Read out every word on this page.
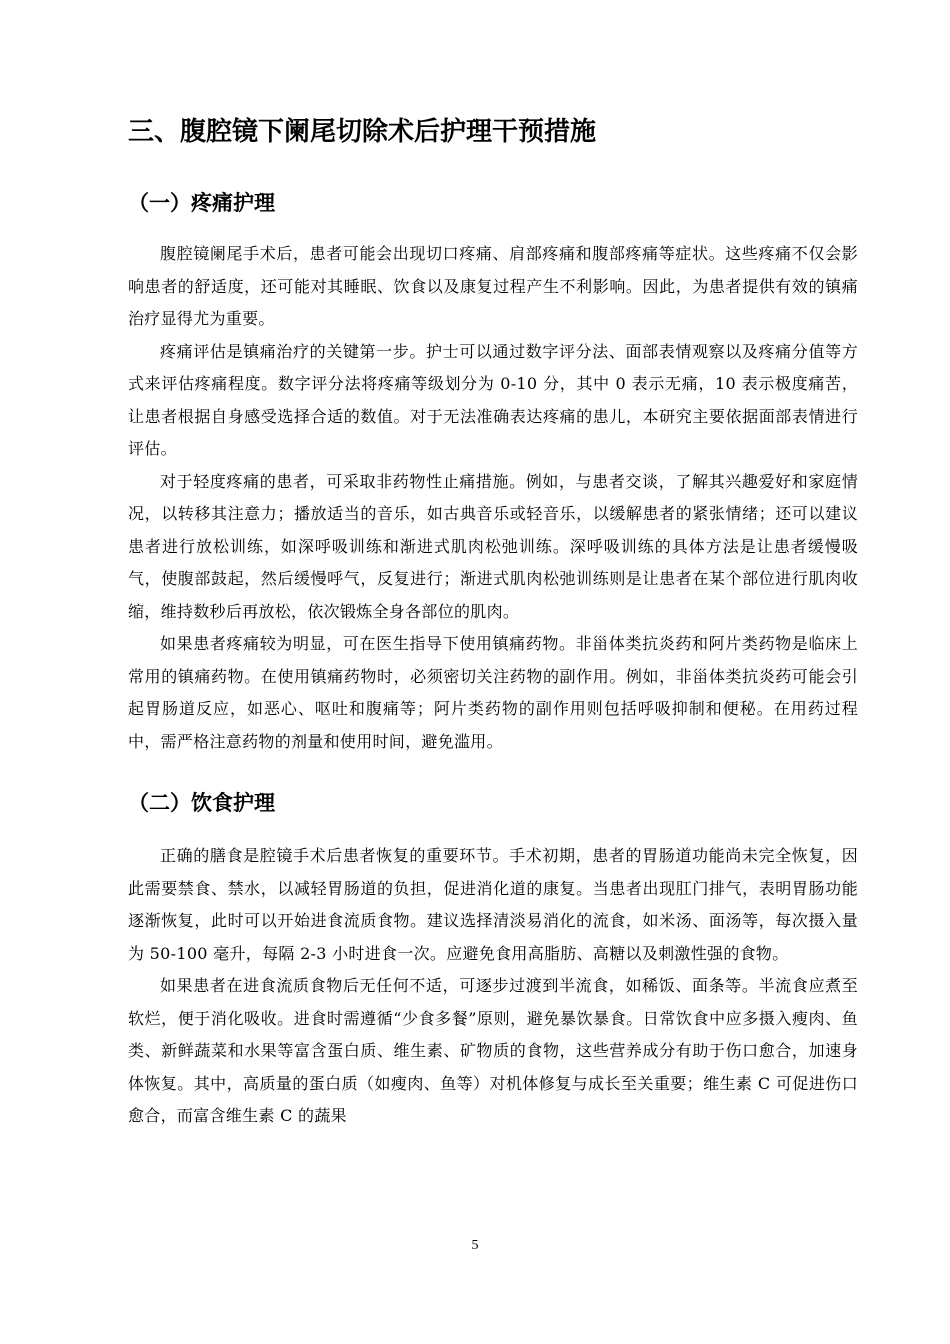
三、腹腔镜下阑尾切除术后护理干预措施
（一）疼痛护理

腹腔镜阑尾手术后，患者可能会出现切口疼痛、肩部疼痛和腹部疼痛等症状。这些疼痛不仅会影响患者的舒适度，还可能对其睡眠、饮食以及康复过程产生不利影响。因此，为患者提供有效的镇痛治疗显得尤为重要。

疼痛评估是镇痛治疗的关键第一步。护士可以通过数字评分法、面部表情观察以及疼痛分值等方式来评估疼痛程度。数字评分法将疼痛等级划分为 0-10 分，其中 0 表示无痛，10 表示极度痛苦，让患者根据自身感受选择合适的数值。对于无法准确表达疼痛的患儿，本研究主要依据面部表情进行评估。

对于轻度疼痛的患者，可采取非药物性止痛措施。例如，与患者交谈，了解其兴趣爱好和家庭情况，以转移其注意力；播放适当的音乐，如古典音乐或轻音乐，以缓解患者的紧张情绪；还可以建议患者进行放松训练，如深呼吸训练和渐进式肌肉松弛训练。深呼吸训练的具体方法是让患者缓慢吸气，使腹部鼓起，然后缓慢呼气，反复进行；渐进式肌肉松弛训练则是让患者在某个部位进行肌肉收缩，维持数秒后再放松，依次锻炼全身各部位的肌肉。

如果患者疼痛较为明显，可在医生指导下使用镇痛药物。非甾体类抗炎药和阿片类药物是临床上常用的镇痛药物。在使用镇痛药物时，必须密切关注药物的副作用。例如，非甾体类抗炎药可能会引起胃肠道反应，如恶心、呕吐和腹痛等；阿片类药物的副作用则包括呼吸抑制和便秘。在用药过程中，需严格注意药物的剂量和使用时间，避免滥用。

（二）饮食护理

正确的膳食是腔镜手术后患者恢复的重要环节。手术初期，患者的胃肠道功能尚未完全恢复，因此需要禁食、禁水，以减轻胃肠道的负担，促进消化道的康复。当患者出现肛门排气，表明胃肠功能逐渐恢复，此时可以开始进食流质食物。建议选择清淡易消化的流食，如米汤、面汤等，每次摄入量为 50-100 毫升，每隔 2-3 小时进食一次。应避免食用高脂肪、高糖以及刺激性强的食物。

如果患者在进食流质食物后无任何不适，可逐步过渡到半流食，如稀饭、面条等。半流食应煮至软烂，便于消化吸收。进食时需遵循“少食多餐”原则，避免暴饮暴食。日常饮食中应多摄入瘦肉、鱼类、新鲜蔬菜和水果等富含蛋白质、维生素、矿物质的食物，这些营养成分有助于伤口愈合，加速身体恢复。其中，高质量的蛋白质（如瘦肉、鱼等）对机体修复与成长至关重要；维生素 C 可促进伤口愈合，而富含维生素 C 的蔬果

5
